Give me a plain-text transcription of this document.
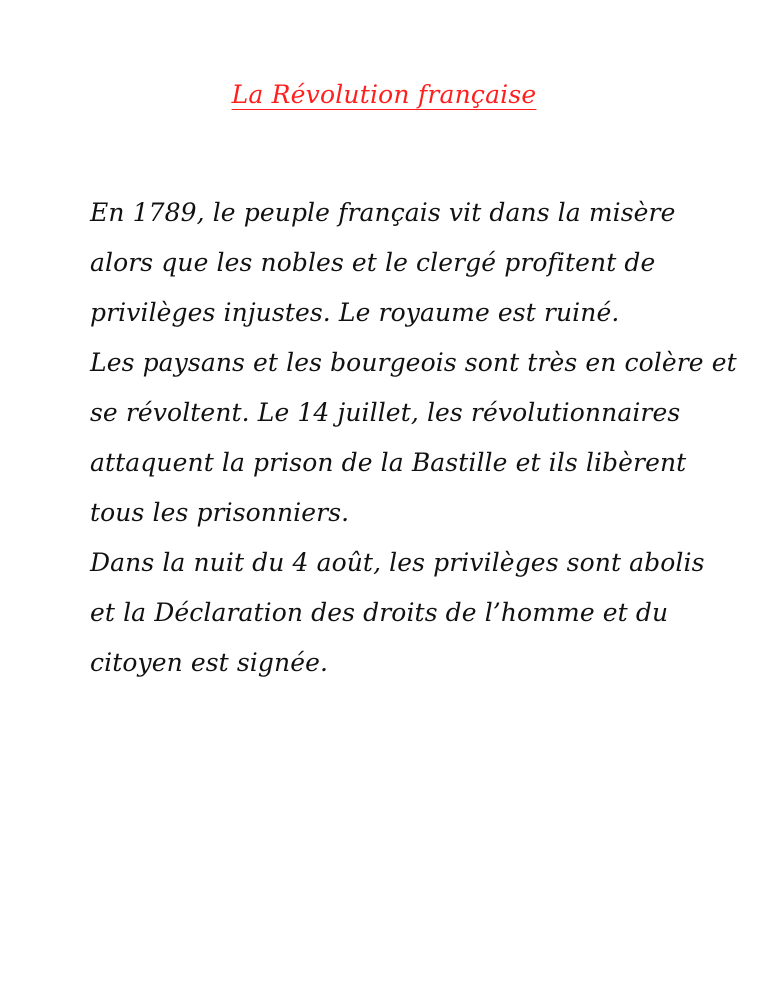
La Révolution française
En 1789, le peuple français vit dans la misère
alors que les nobles et le clergé profitent de
privilèges injustes. Le royaume est ruiné.
Les paysans et les bourgeois sont très en colère et
se révoltent. Le 14 juillet, les révolutionnaires
attaquent la prison de la Bastille et ils libèrent
tous les prisonniers.
Dans la nuit du 4 août, les privilèges sont abolis
et la Déclaration des droits de l’homme et du
citoyen est signée.
